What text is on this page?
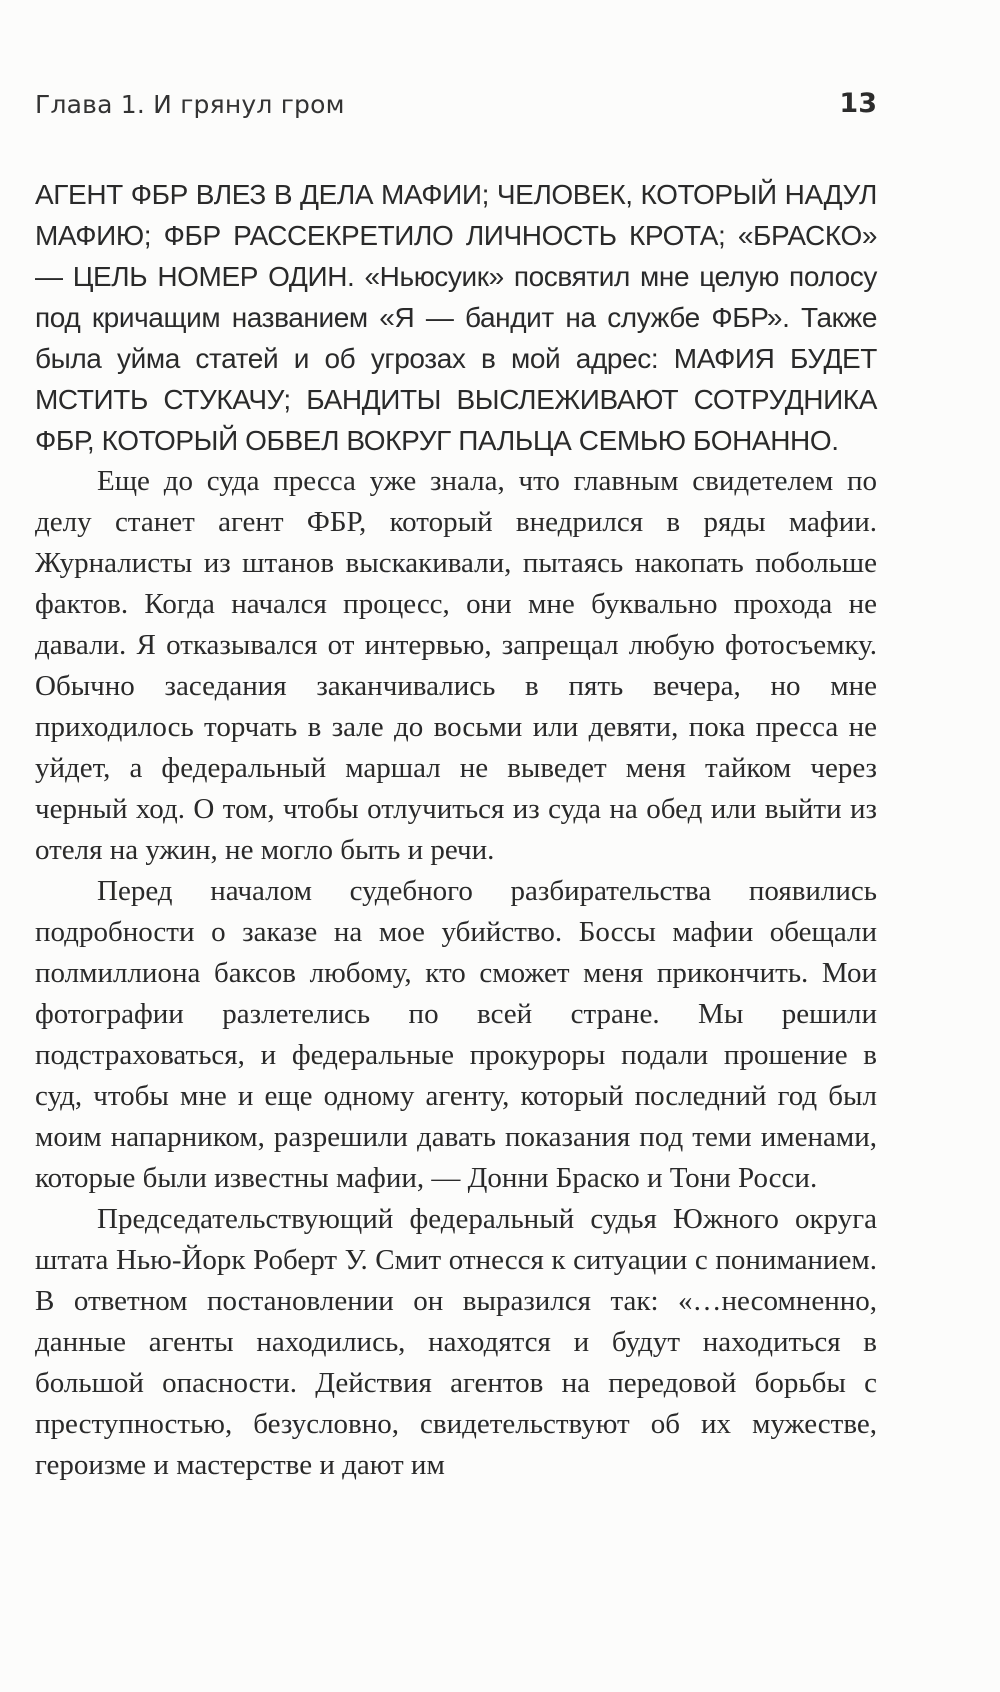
Глава 1. И грянул гром	13

АГЕНТ ФБР ВЛЕЗ В ДЕЛА МАФИИ; ЧЕЛОВЕК, КОТОРЫЙ НАДУЛ МАФИЮ; ФБР РАССЕКРЕТИЛО ЛИЧНОСТЬ КРОТА; «БРАСКО» — ЦЕЛЬ НОМЕР ОДИН. «Ньюсуик» посвятил мне целую полосу под кричащим названием «Я — бандит на службе ФБР». Также была уйма статей и об угрозах в мой адрес: МАФИЯ БУДЕТ МСТИТЬ СТУКАЧУ; БАНДИТЫ ВЫСЛЕЖИВАЮТ СОТРУДНИКА ФБР, КОТОРЫЙ ОБВЕЛ ВОКРУГ ПАЛЬЦА СЕМЬЮ БОНАННО.

Еще до суда пресса уже знала, что главным свидетелем по делу станет агент ФБР, который внедрился в ряды мафии. Журналисты из штанов выскакивали, пытаясь накопать побольше фактов. Когда начался процесс, они мне буквально прохода не давали. Я отказывался от интервью, запрещал любую фотосъемку. Обычно заседания заканчивались в пять вечера, но мне приходилось торчать в зале до восьми или девяти, пока пресса не уйдет, а федеральный маршал не выведет меня тайком через черный ход. О том, чтобы отлучиться из суда на обед или выйти из отеля на ужин, не могло быть и речи.

Перед началом судебного разбирательства появились подробности о заказе на мое убийство. Боссы мафии обещали полмиллиона баксов любому, кто сможет меня прикончить. Мои фотографии разлетелись по всей стране. Мы решили подстраховаться, и федеральные прокуроры подали прошение в суд, чтобы мне и еще одному агенту, который последний год был моим напарником, разрешили давать показания под теми именами, которые были известны мафии, — Донни Браско и Тони Росси.

Председательствующий федеральный судья Южного округа штата Нью-Йорк Роберт У. Смит отнесся к ситуации с пониманием. В ответном постановлении он выразился так: «…несомненно, данные агенты находились, находятся и будут находиться в большой опасности. Действия агентов на передовой борьбы с преступностью, безусловно, свидетельствуют об их мужестве, героизме и мастерстве и дают им
